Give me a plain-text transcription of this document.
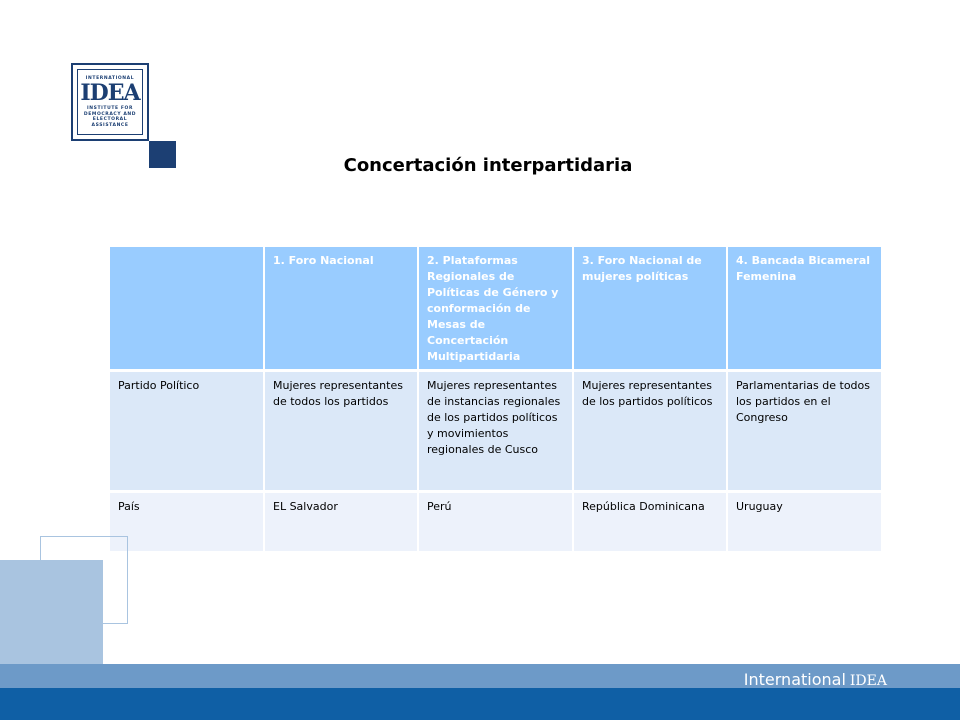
INTERNATIONAL
IDEA
INSTITUTE FOR
DEMOCRACY AND
ELECTORAL
ASSISTANCE
Concertación interpartidaria
	1. Foro Nacional	2. Plataformas Regionales de Políticas de Género y conformación de Mesas de Concertación Multipartidaria	3. Foro Nacional de mujeres políticas	4. Bancada Bicameral Femenina
Partido Político	Mujeres representantes de todos los partidos	Mujeres representantes de instancias regionales de los partidos políticos y movimientos regionales de Cusco	Mujeres representantes de los partidos políticos	Parlamentarias de todos los partidos en el Congreso
País	EL Salvador	Perú	República Dominicana	Uruguay
International IDEA
